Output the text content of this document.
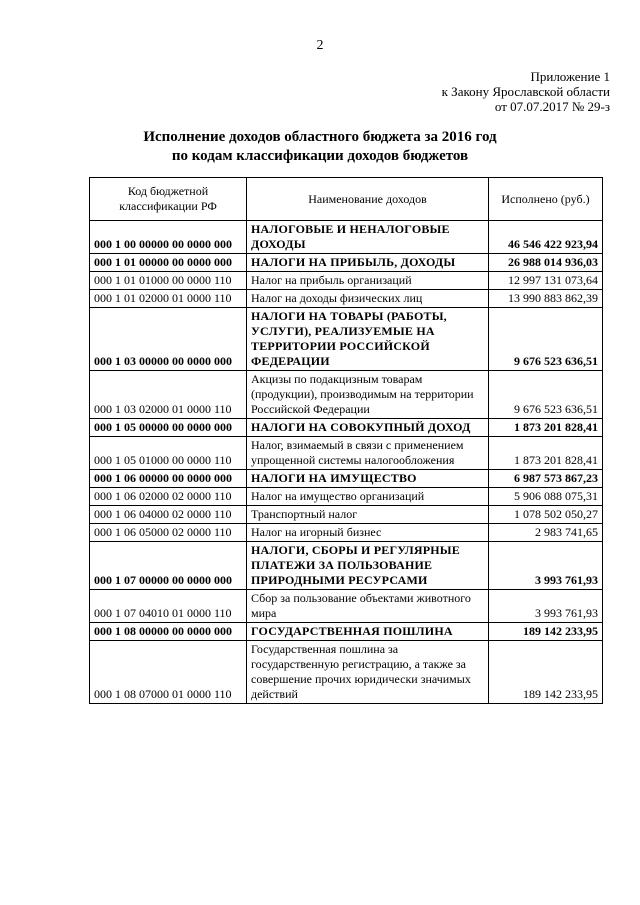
2
Приложение 1
к Закону Ярославской области
от 07.07.2017 № 29-з
Исполнение доходов областного бюджета за 2016 год
по кодам классификации доходов бюджетов
Код бюджетной классификации РФ	Наименование доходов	Исполнено (руб.)
000 1 00 00000 00 0000 000	НАЛОГОВЫЕ И НЕНАЛОГОВЫЕ ДОХОДЫ	46 546 422 923,94
000 1 01 00000 00 0000 000	НАЛОГИ НА ПРИБЫЛЬ, ДОХОДЫ	26 988 014 936,03
000 1 01 01000 00 0000 110	Налог на прибыль организаций	12 997 131 073,64
000 1 01 02000 01 0000 110	Налог на доходы физических лиц	13 990 883 862,39
000 1 03 00000 00 0000 000	НАЛОГИ НА ТОВАРЫ (РАБОТЫ, УСЛУГИ), РЕАЛИЗУЕМЫЕ НА ТЕРРИТОРИИ РОССИЙСКОЙ ФЕДЕРАЦИИ	9 676 523 636,51
000 1 03 02000 01 0000 110	Акцизы по подакцизным товарам (продукции), производимым на территории Российской Федерации	9 676 523 636,51
000 1 05 00000 00 0000 000	НАЛОГИ НА СОВОКУПНЫЙ ДОХОД	1 873 201 828,41
000 1 05 01000 00 0000 110	Налог, взимаемый в связи с применением упрощенной системы налогообложения	1 873 201 828,41
000 1 06 00000 00 0000 000	НАЛОГИ НА ИМУЩЕСТВО	6 987 573 867,23
000 1 06 02000 02 0000 110	Налог на имущество организаций	5 906 088 075,31
000 1 06 04000 02 0000 110	Транспортный налог	1 078 502 050,27
000 1 06 05000 02 0000 110	Налог на игорный бизнес	2 983 741,65
000 1 07 00000 00 0000 000	НАЛОГИ, СБОРЫ И РЕГУЛЯРНЫЕ ПЛАТЕЖИ ЗА ПОЛЬЗОВАНИЕ ПРИРОДНЫМИ РЕСУРСАМИ	3 993 761,93
000 1 07 04010 01 0000 110	Сбор за пользование объектами животного мира	3 993 761,93
000 1 08 00000 00 0000 000	ГОСУДАРСТВЕННАЯ ПОШЛИНА	189 142 233,95
000 1 08 07000 01 0000 110	Государственная пошлина за государственную регистрацию, а также за совершение прочих юридически значимых действий	189 142 233,95
